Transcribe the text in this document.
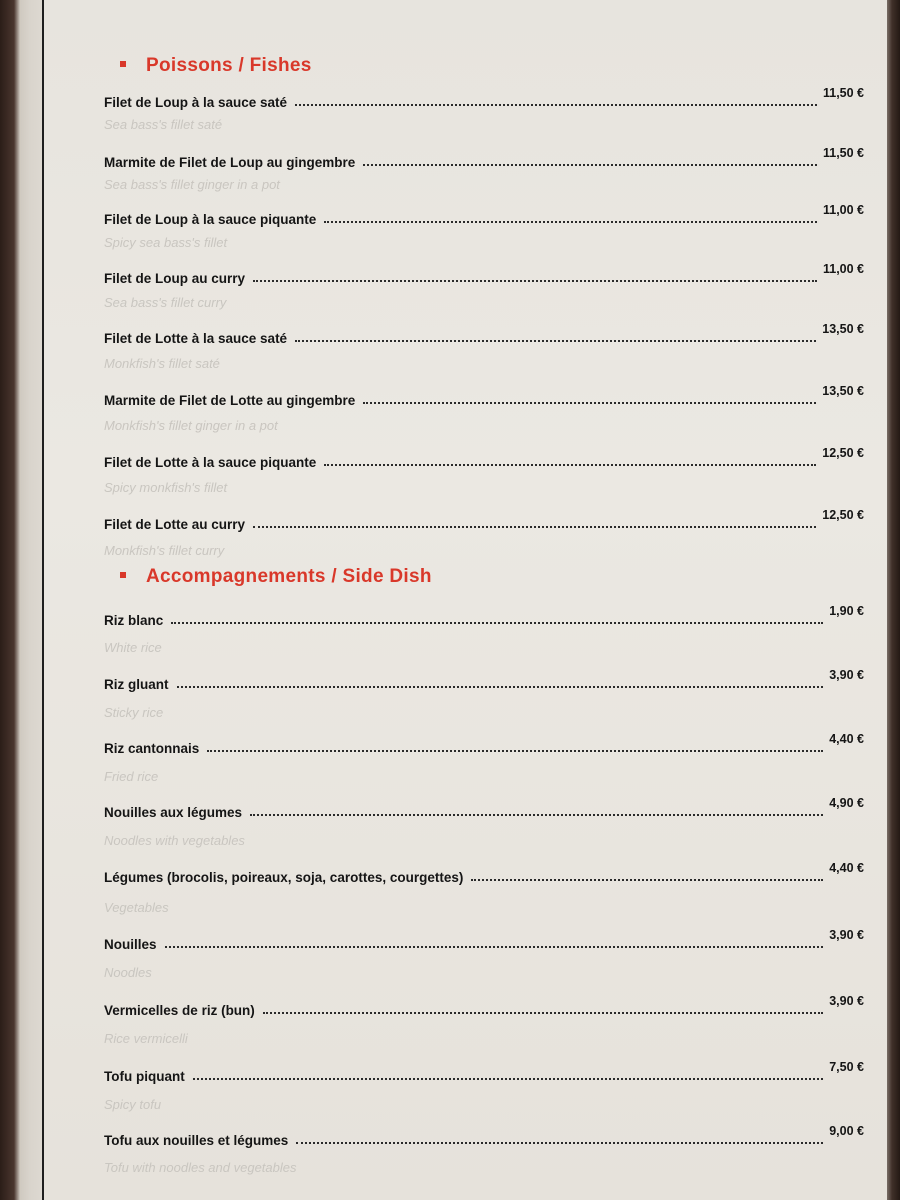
Poissons / Fishes
Filet de Loup à la sauce saté
11,50 €
Sea bass's fillet saté
Marmite de Filet de Loup au gingembre
11,50 €
Sea bass's fillet ginger in a pot
Filet de Loup à la sauce piquante
11,00 €
Spicy sea bass's fillet
Filet de Loup au curry
11,00 €
Sea bass's fillet curry
Filet de Lotte à la sauce saté
13,50 €
Monkfish's fillet saté
Marmite de Filet de Lotte au gingembre
13,50 €
Monkfish's fillet ginger in a pot
Filet de Lotte à la sauce piquante
12,50 €
Spicy monkfish's fillet
Filet de Lotte au curry
12,50 €
Monkfish's fillet curry
Accompagnements / Side Dish
Riz blanc
1,90 €
White rice
Riz gluant
3,90 €
Sticky rice
Riz cantonnais
4,40 €
Fried rice
Nouilles aux légumes
4,90 €
Noodles with vegetables
Légumes (brocolis, poireaux, soja, carottes, courgettes)
4,40 €
Vegetables
Nouilles
3,90 €
Noodles
Vermicelles de riz (bun)
3,90 €
Rice vermicelli
Tofu piquant
7,50 €
Spicy tofu
Tofu aux nouilles et légumes
9,00 €
Tofu with noodles and vegetables
